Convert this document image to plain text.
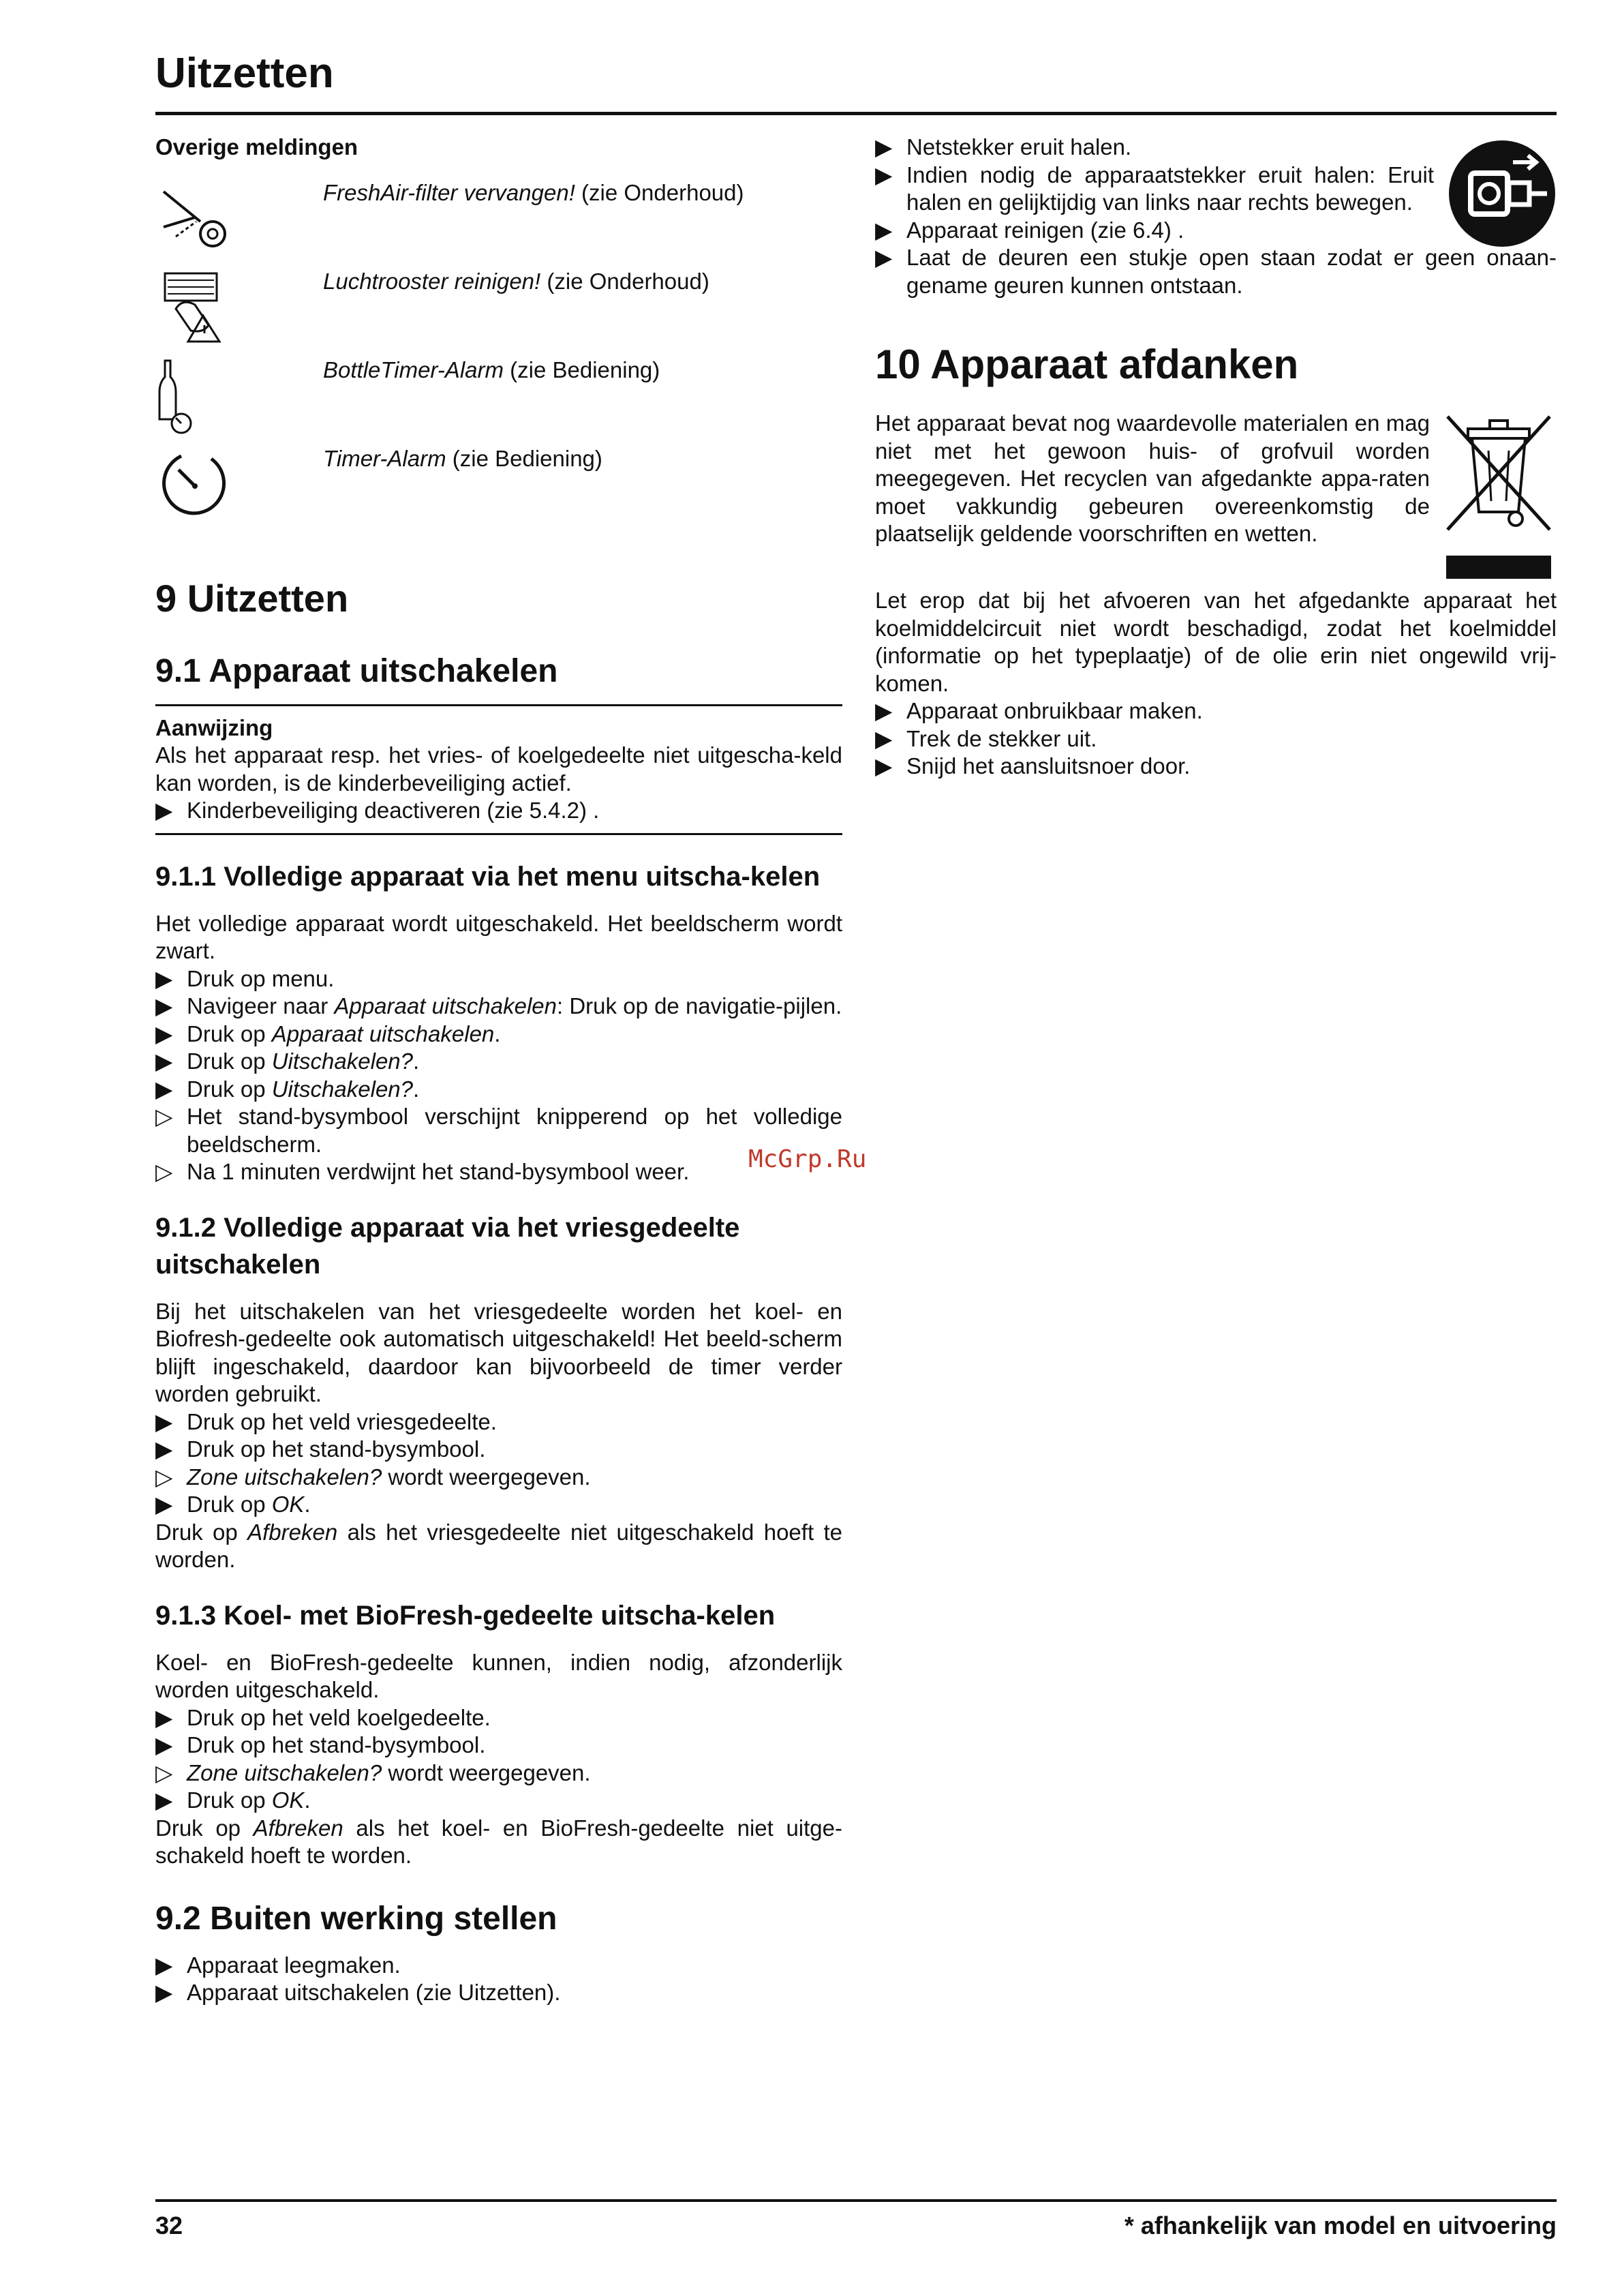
Uitzetten
Overige meldingen
FreshAir-filter vervangen! (zie Onderhoud)
Luchtrooster reinigen! (zie Onderhoud)
BottleTimer-Alarm (zie Bediening)
Timer-Alarm (zie Bediening)
9 Uitzetten
9.1 Apparaat uitschakelen
Aanwijzing

Als het apparaat resp. het vries- of koelgedeelte niet uitgescha-keld kan worden, is de kinderbeveiliging actief.

▶ Kinderbeveiliging deactiveren (zie 5.4.2) .
9.1.1 Volledige apparaat via het menu uitscha-kelen

Het volledige apparaat wordt uitgeschakeld. Het beeldscherm wordt zwart.

▶ Druk op menu.
▶ Navigeer naar Apparaat uitschakelen: Druk op de navigatie-pijlen.
▶ Druk op Apparaat uitschakelen.
▶ Druk op Uitschakelen?.
▶ Druk op Uitschakelen?.
▷ Het stand-bysymbool verschijnt knipperend op het volledige beeldscherm.
▷ Na 1 minuten verdwijnt het stand-bysymbool weer.
9.1.2 Volledige apparaat via het vriesgedeelte uitschakelen

Bij het uitschakelen van het vriesgedeelte worden het koel- en Biofresh-gedeelte ook automatisch uitgeschakeld! Het beeld-scherm blijft ingeschakeld, daardoor kan bijvoorbeeld de timer verder worden gebruikt.

▶ Druk op het veld vriesgedeelte.
▶ Druk op het stand-bysymbool.
▷ Zone uitschakelen? wordt weergegeven.
▶ Druk op OK.

Druk op Afbreken als het vriesgedeelte niet uitgeschakeld hoeft te worden.

9.1.3 Koel- met BioFresh-gedeelte uitscha-kelen

Koel- en BioFresh-gedeelte kunnen, indien nodig, afzonderlijk worden uitgeschakeld.

▶ Druk op het veld koelgedeelte.
▶ Druk op het stand-bysymbool.
▷ Zone uitschakelen? wordt weergegeven.
▶ Druk op OK.

Druk op Afbreken als het koel- en BioFresh-gedeelte niet uitge-schakeld hoeft te worden.

9.2 Buiten werking stellen
▶ Apparaat leegmaken.
▶ Apparaat uitschakelen (zie Uitzetten).
▶ Netstekker eruit halen.
▶ Indien nodig de apparaatstekker eruit halen: Eruit halen en gelijktijdig van links naar rechts bewegen.
▶ Apparaat reinigen (zie 6.4) .
▶ Laat de deuren een stukje open staan zodat er geen onaan-gename geuren kunnen ontstaan.
10 Apparaat afdanken

Het apparaat bevat nog waardevolle materialen en mag niet met het gewoon huis- of grofvuil worden meegegeven. Het recyclen van afgedankte appa-raten moet vakkundig gebeuren overeenkomstig de plaatselijk geldende voorschriften en wetten.

Let erop dat bij het afvoeren van het afgedankte apparaat het koelmiddelcircuit niet wordt beschadigd, zodat het koelmiddel (informatie op het typeplaatje) of de olie erin niet ongewild vrij-komen.

▶ Apparaat onbruikbaar maken.
▶ Trek de stekker uit.
▶ Snijd het aansluitsnoer door.
McGrp.Ru
32	* afhankelijk van model en uitvoering
